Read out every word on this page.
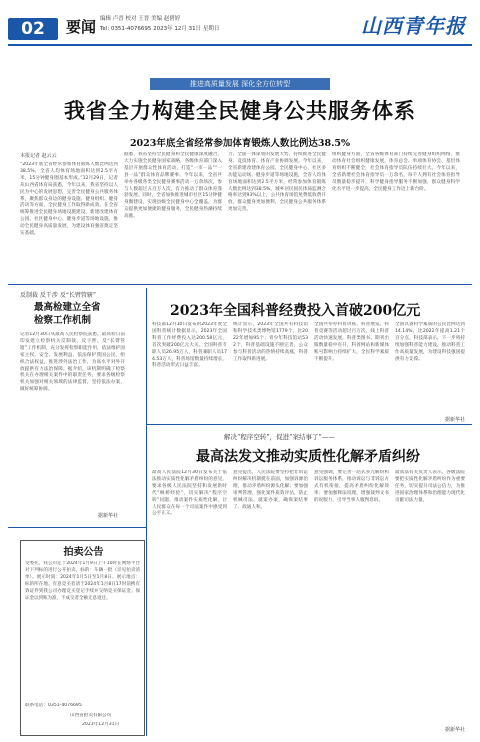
02	要闻 编辑 卢晋 校对 王晋 美编 赵碧婷
Tel: 0351-4076695 2023年 12月 31日 星期日	山西青年报
推进高质量发展 深化全方位转型
我省全力构建全民健身公共服务体系
2023年底全省经常参加体育锻炼人数比例达38.5%
本报记者 赵云云
“2023年底全省经常参加体育锻炼人数比例达到38.5%，全省人均体育场地面积达到2.5平方米，15分钟健身圈基本形成。”12月29日，记者从山西省体育局获悉，今年以来，我省坚持以人民为中心的发展思想，完善全民健身公共服务体系，聚焦群众身边的健身设施、健身组织、健身活动等方面，全民健身工作取得新成效。在全省统筹推进全民健身场地设施建设，新建改建体育公园、社区健身中心、健身步道等场地设施，推动全民健身高质量发展，为建设体育强省奠定坚实基础。
据悉，我省坚持全民健身和全民健康深度融合，大力实施全民健身国家战略，各级体育部门深入基层开展群众性体育活动，打造“一市一品”“一县一品”群众体育品牌赛事。今年以来，全省共举办各级各类全民健身赛事活动一万余场次，参与人数超过五百万人次，有力推动了群众体育蓬勃发展。同时，全省加快推进城市社区15分钟健身圈建设，实现县级全民健身中心全覆盖，为群众提供更加便捷的健身服务，全民健身热潮持续高涨。
力、全面一体谋划的发展大势，持续推进全民健身、竞技体育、体育产业协调发展。今年以来，全省新建改建体育公园、全民健身中心、社区多功能运动场、健身步道等场地设施，全省人均体育场地面积达到2.5平方米，经常参加体育锻炼人数比例达到38.5%，城乡居民国民体质监测合格率达到93%以上，公共体育场馆免费低收费开放，群众健身更加便利，全民健身公共服务体系更加完善。
组织健身方面，全省各级体育部门持续完善健身组织网络，推动体育社会组织健康发展，体育总会、单项体育协会、基层体育组织不断健全，社会体育指导员队伍持续壮大。今年以来，全省新增社会体育指导员一万余名，每千人拥有社会体育指导员数量稳步提升，科学健身指导服务不断加强，群众健身科学化水平进一步提高，全民健身工作迈上新台阶。
反制裁 反干涉 反“长臂管辖”
最高检建立全省
检察工作机制
记者12月30日从最高人民检察院获悉，最高检日前印发建立检察机关反制裁、反干涉、反“长臂管辖”工作机制，充分发挥检察职能作用，依法维护国家主权、安全、发展利益，依法保护我国公民、组织合法权益，推进涉外法治工作，为高水平对外开放提供有力法治保障。据介绍，该机制明确了检察机关在办理相关案件中的职责任务，要求各级检察机关加强对相关领域的法律监督，坚持依法办案，做好统筹协调。
据新华社
拍卖公告
受委托，我公司定于2024年1月9日上午10时在网络平台对下列标的进行公开拍卖。标的：车辆一批（详见拍卖清单）。展示时间：2024年1月5日至1月8日。展示地点：标的所在地。有意竞买者请于2024年1月8日17时前携有效证件到我公司办理竞买登记手续并交纳竞买保证金。保证金以到账为准，不成交者全额无息退还。
联系电话：0351-4076695
山西省拍卖有限公司
2023年12月31日
2023年全国科普经费投入首破200亿元
科技部12月30日发布的2023年度全国科普统计数据显示，2023年全国科普工作经费投入达200.58亿元，首次突破200亿元大关。全国科普专职人员26.95万人，科普兼职人员174.53万人，科普场馆数量持续增长，科普活动形式日益丰富。
统计显示，2023年全国共有科技馆和科学技术类博物馆1779个，比2022年增加95个；青少年科技馆站532个，科普基础设施不断完善，公众参与科普活动的热情持续高涨，科普工作取得新进展。
全国共举办科普讲座、科普展览、科普竞赛等活动超过百万次，线上科普活动快速发展，科普类图书、期刊出版数量稳中有升，科普网站和新媒体账号影响力持续扩大，全民科学素质不断提升。
全国具备科学素质的公民比例达到14.14%，比2022年提高1.21个百分点。科技部表示，下一步将持续加强科普能力建设，推动科普工作高质量发展，为建设科技强国提供有力支撑。
据新华社
解决“程序空转”，促进“案结事了”——
最高法发文推动实质性化解矛盾纠纷
最高人民法院12月30日发布关于依法推动实质性化解矛盾纠纷的意见，要求各级人民法院坚持和发展新时代“枫桥经验”，切实解决“程序空转”问题，推动案件实质性化解，让人民群众在每一个司法案件中感受到公平正义。
意见提出，人民法院要坚持把非诉讼纠纷解决机制挺在前面，加强诉源治理，推动矛盾纠纷源头化解；要加强审判管理，强化案件质效评估，防止机械司法、就案办案，确保案结事了、政通人和。
意见强调，要完善一站式多元解纷和诉讼服务体系，推动诉讼与非诉讼方式有机衔接，提高矛盾纠纷化解效率；要加强释法说理，增强裁判文书的说服力，引导当事人服判息诉。
最高法有关负责人表示，各级法院要把实质性化解矛盾纠纷作为重要任务，切实提升司法公信力，为推进国家治理体系和治理能力现代化贡献司法力量。
据新华社
